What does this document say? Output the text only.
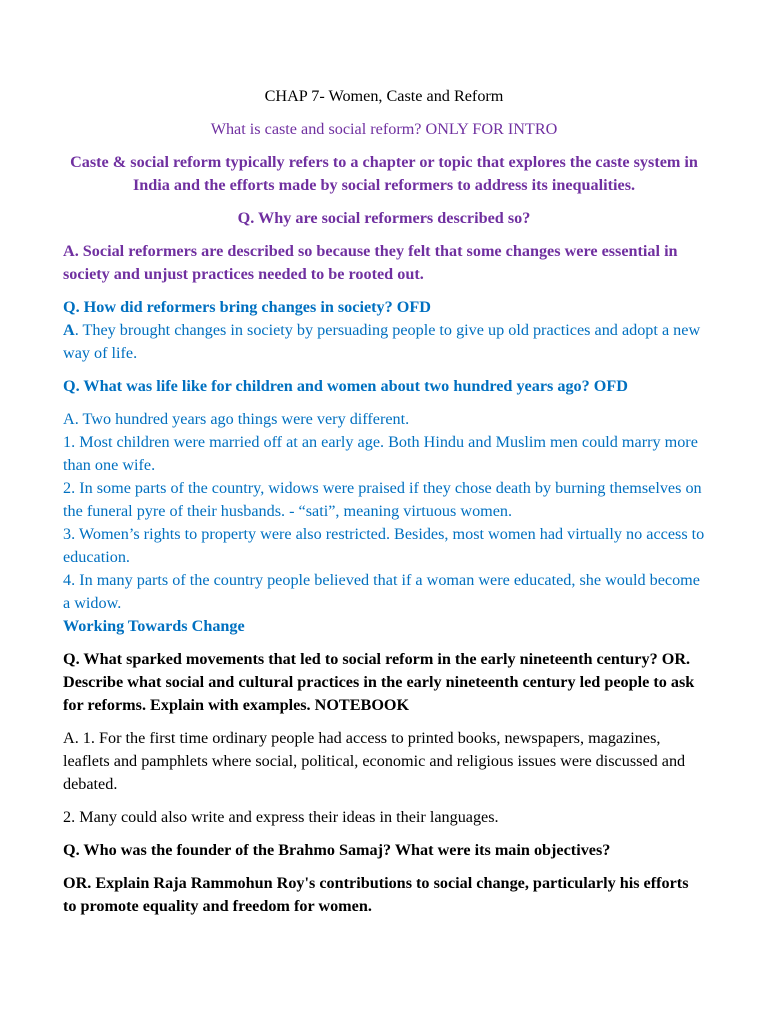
CHAP 7- Women, Caste and Reform

What is caste and social reform? ONLY FOR INTRO

Caste & social reform typically refers to a chapter or topic that explores the caste system in India and the efforts made by social reformers to address its inequalities.

Q. Why are social reformers described so?

A. Social reformers are described so because they felt that some changes were essential in society and unjust practices needed to be rooted out.

Q. How did reformers bring changes in society? OFD

A. They brought changes in society by persuading people to give up old practices and adopt a new way of life.

Q. What was life like for children and women about two hundred years ago? OFD

A. Two hundred years ago things were very different.
1. Most children were married off at an early age. Both Hindu and Muslim men could marry more than one wife.
2. In some parts of the country, widows were praised if they chose death by burning themselves on the funeral pyre of their husbands. - “sati”, meaning virtuous women.
3. Women’s rights to property were also restricted. Besides, most women had virtually no access to education.
4. In many parts of the country people believed that if a woman were educated, she would become a widow.

Working Towards Change

Q. What sparked movements that led to social reform in the early nineteenth century? OR. Describe what social and cultural practices in the early nineteenth century led people to ask for reforms. Explain with examples. NOTEBOOK

A. 1. For the first time ordinary people had access to printed books, newspapers, magazines, leaflets and pamphlets where social, political, economic and religious issues were discussed and debated.

2. Many could also write and express their ideas in their languages.

Q. Who was the founder of the Brahmo Samaj? What were its main objectives?

OR. Explain Raja Rammohun Roy's contributions to social change, particularly his efforts to promote equality and freedom for women.
